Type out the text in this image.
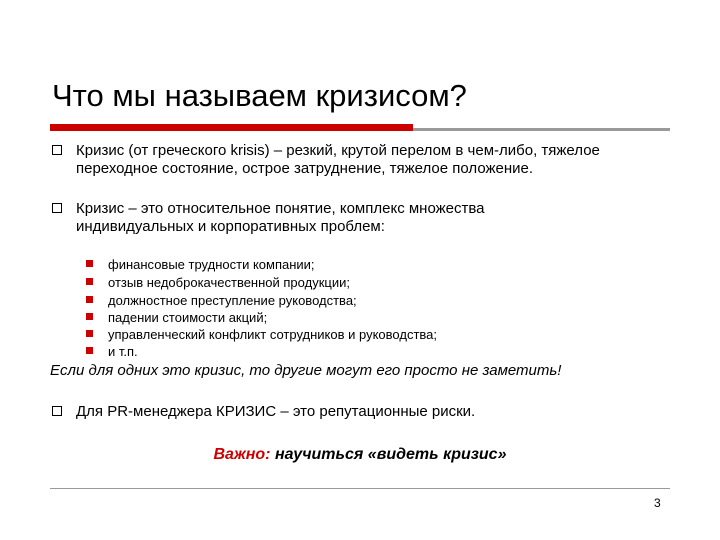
Что мы называем кризисом?
Кризис (от греческого krisis) – резкий, крутой перелом в чем-либо, тяжелое
переходное состояние, острое затруднение, тяжелое положение.
Кризис – это относительное понятие, комплекс множества
индивидуальных и корпоративных проблем:
финансовые трудности компании;
отзыв недоброкачественной продукции;
должностное преступление руководства;
падении стоимости акций;
управленческий конфликт сотрудников и руководства;
и т.п.
Если для одних это кризис, то другие могут его просто не заметить!
Для PR-менеджера КРИЗИС – это репутационные риски.
Важно: научиться «видеть кризис»
3
